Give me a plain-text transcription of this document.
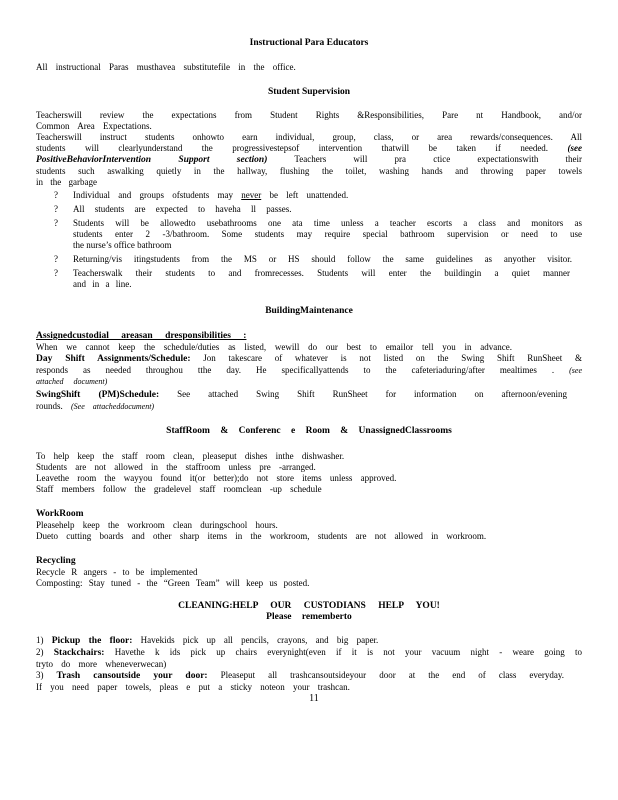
Instructional Para Educators
All instructional Paras musthavea substitutefile in the office.
Student Supervision
Teacherswill review the expectations from Student Rights &Responsibilities, Pare nt Handbook, and/or
Common Area Expectations.
Teacherswill instruct students onhowto earn individual, group, class, or area rewards/consequences. All
students will clearlyunderstand the progressivestepsof intervention thatwill be taken if needed. (see
PositiveBehaviorIntervention Support section)	Teachers will pra ctice expectationswith their
students such aswalking quietly in the hallway, flushing the toilet, washing hands and throwing paper towels
in the garbage
? Individual and groups ofstudents may never be left unattended.
? All students are expected to haveha ll passes.
? Students will be allowedto usebathrooms one ata time unless a teacher escorts a class and monitors as
students enter 2 -3/bathroom. Some students may require special bathroom supervision or need to use
the nurse’s office bathroom
? Returning/vis itingstudents from the MS or HS should follow the same guidelines as anyother visitor.
? Teacherswalk their students to and fromrecesses. Students will enter the buildingin a quiet manner
and in a line.
BuildingMaintenance
Assignedcustodial areasan dresponsibilities :
When we cannot keep the schedule/duties as listed, wewill do our best to emailor tell you in advance.
Day Shift Assignments/Schedule: Jon takescare of whatever is not listed on the Swing Shift RunSheet &
responds as needed throughou tthe day. He specificallyattends to the cafeteriaduring/after mealtimes . (see
attached document)
SwingShift (PM)Schedule: See attached Swing Shift RunSheet for information on afternoon/evening
rounds. (See attacheddocument)
StaffRoom & Conferenc e Room & UnassignedClassrooms
To help keep the staff room clean, pleaseput dishes inthe dishwasher.
Students are not allowed in the staffroom unless pre -arranged.
Leavethe room the wayyou found it(or better);do not store items unless approved.
Staff members follow the gradelevel staff roomclean -up schedule
WorkRoom
Pleasehelp keep the workroom clean duringschool hours.
Dueto cutting boards and other sharp items in the workroom, students are not allowed in workroom.
Recycling
Recycle R angers - to be implemented
Composting: Stay tuned - the “Green Team” will keep us posted.
CLEANING:HELP OUR CUSTODIANS HELP YOU!
Please rememberto
1) Pickup the floor: Havekids pick up all pencils, crayons, and big paper.
2) Stackchairs: Havethe k ids pick up chairs everynight(even if it is not your vacuum night - weare going to
tryto do more wheneverwecan)
3) Trash cansoutside your door: Pleaseput all trashcansoutsideyour door at the end of class everyday.
If you need paper towels, pleas e put a sticky noteon your trashcan.
11
